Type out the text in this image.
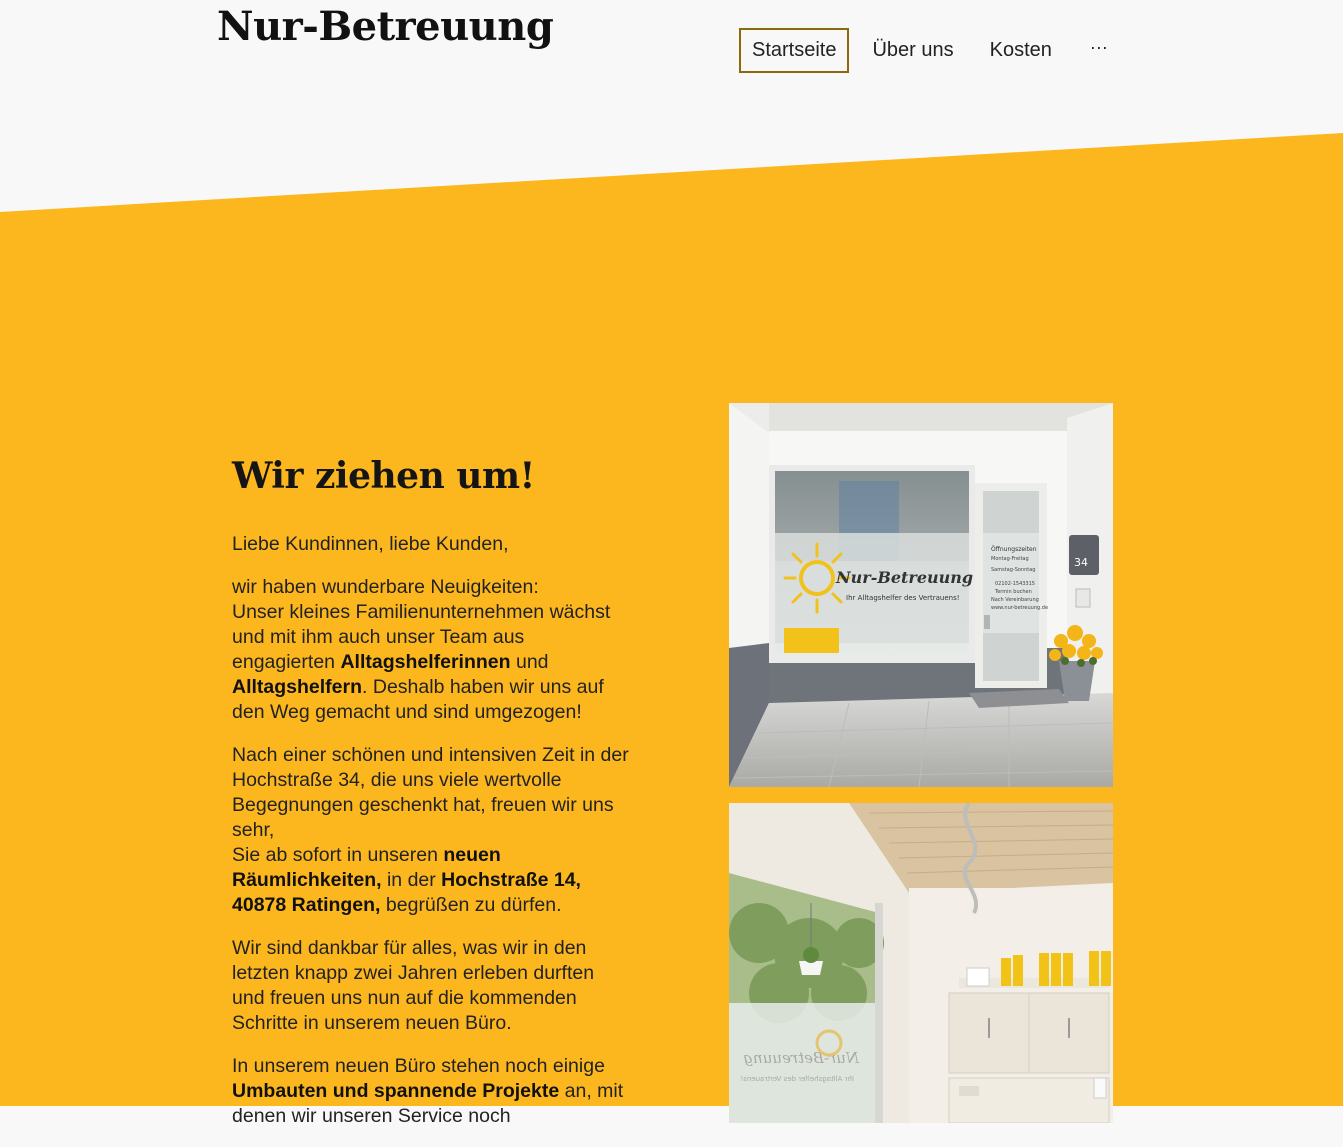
Nur-Betreuung	Startseite	Über uns	Kosten	···
Wir ziehen um!

Liebe Kundinnen, liebe Kunden,

wir haben wunderbare Neuigkeiten:
Unser kleines Familienunternehmen wächst und mit ihm auch unser Team aus engagierten Alltagshelferinnen und Alltagshelfern. Deshalb haben wir uns auf den Weg gemacht und sind umgezogen!

Nach einer schönen und intensiven Zeit in der Hochstraße 34, die uns viele wertvolle Begegnungen geschenkt hat, freuen wir uns sehr,
Sie ab sofort in unseren neuen Räumlichkeiten, in der Hochstraße 14, 40878 Ratingen, begrüßen zu dürfen.

Wir sind dankbar für alles, was wir in den letzten knapp zwei Jahren erleben durften und freuen uns nun auf die kommenden Schritte in unserem neuen Büro.

In unserem neuen Büro stehen noch einige Umbauten und spannende Projekte an, mit denen wir unseren Service noch

Nur-Betreuung
Ihr Alltagshelfer des Vertrauens!
Öffnungszeiten
Montag-Freitag
Samstag-Sonntag
02102-1543315
Termin buchen
Nach Vereinbarung
www.nur-betreuung.de
34
Nur-Betreuung
Ihr Alltagshelfer des Vertrauens!
